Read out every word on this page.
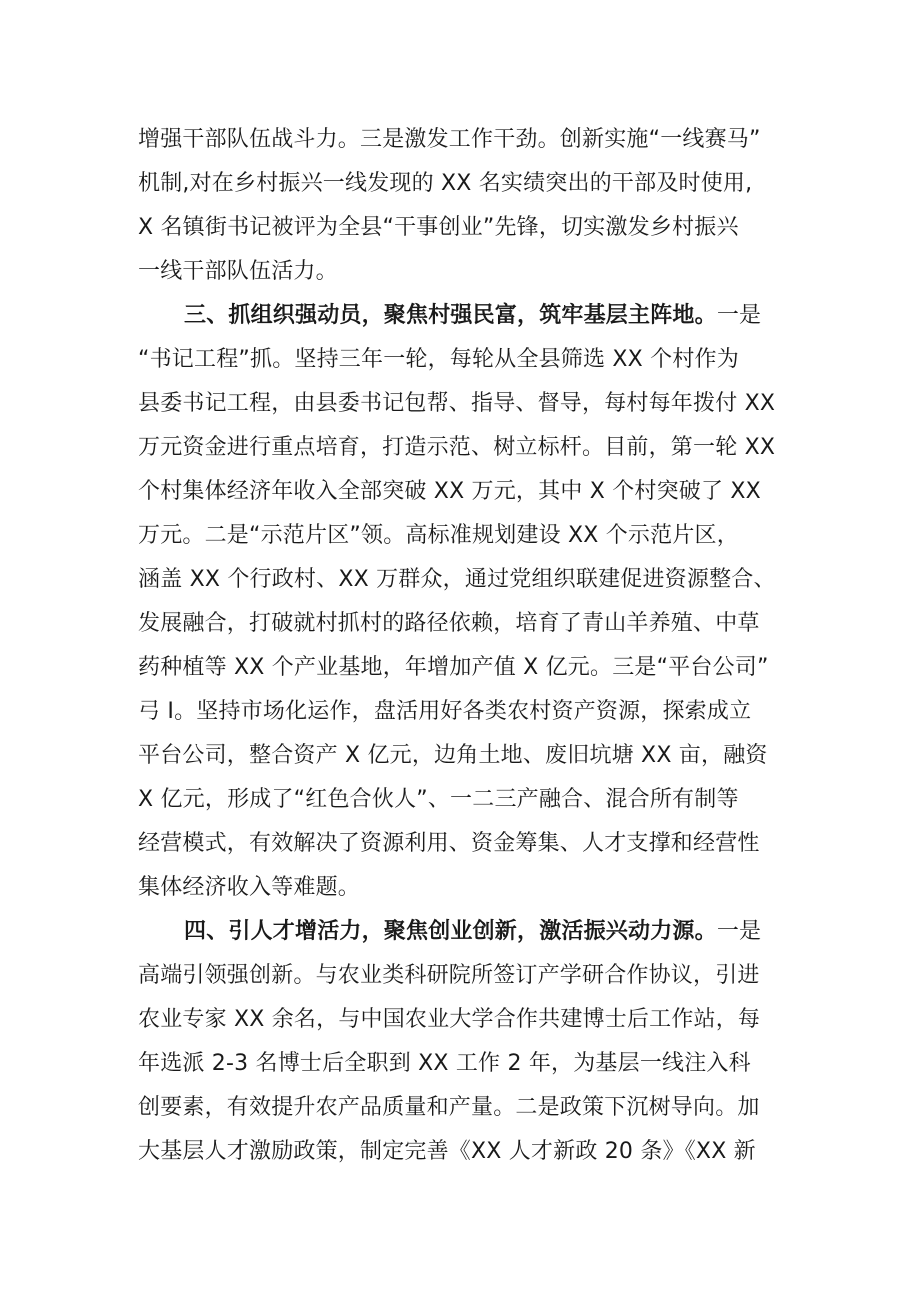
增强干部队伍战斗力。三是激发工作干劲。创新实施“一线赛马”
机制,对在乡村振兴一线发现的 XX 名实绩突出的干部及时使用,
X 名镇街书记被评为全县“干事创业”先锋，切实激发乡村振兴
一线干部队伍活力。
三、抓组织强动员，聚焦村强民富，筑牢基层主阵地。一是
“书记工程”抓。坚持三年一轮，每轮从全县筛选 XX 个村作为
县委书记工程，由县委书记包帮、指导、督导，每村每年拨付 XX
万元资金进行重点培育，打造示范、树立标杆。目前，第一轮 XX
个村集体经济年收入全部突破 XX 万元，其中 X 个村突破了 XX
万元。二是“示范片区”领。高标准规划建设 XX 个示范片区，
涵盖 XX 个行政村、XX 万群众，通过党组织联建促进资源整合、
发展融合，打破就村抓村的路径依赖，培育了青山羊养殖、中草
药种植等 XX 个产业基地，年增加产值 X 亿元。三是“平台公司”
弓 I。坚持市场化运作，盘活用好各类农村资产资源，探索成立
平台公司，整合资产 X 亿元，边角土地、废旧坑塘 XX 亩，融资
X 亿元，形成了“红色合伙人”、一二三产融合、混合所有制等
经营模式，有效解决了资源利用、资金筹集、人才支撑和经营性
集体经济收入等难题。
四、引人才增活力，聚焦创业创新，激活振兴动力源。一是
高端引领强创新。与农业类科研院所签订产学研合作协议，引进
农业专家 XX 余名，与中国农业大学合作共建博士后工作站，每
年选派 2-3 名博士后全职到 XX 工作 2 年，为基层一线注入科
创要素，有效提升农产品质量和产量。二是政策下沉树导向。加
大基层人才激励政策，制定完善《XX 人才新政 20 条》《XX 新
